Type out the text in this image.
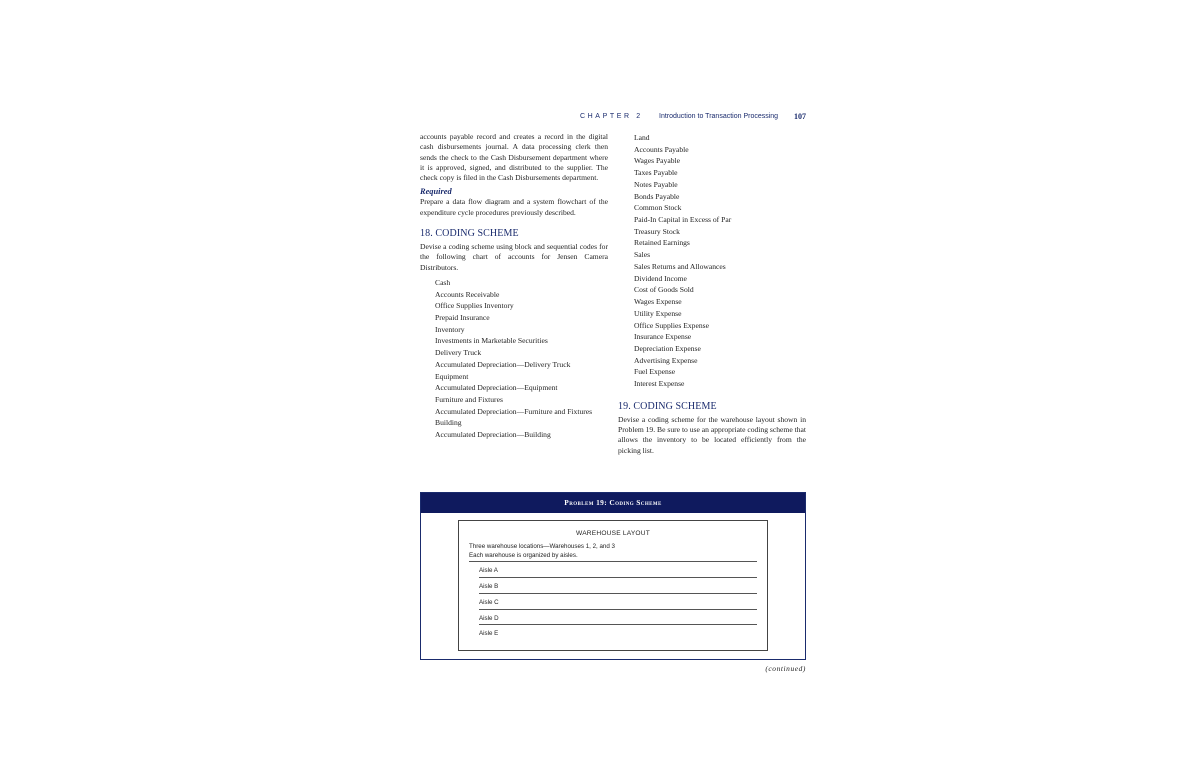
CHAPTER 2 Introduction to Transaction Processing 107

accounts payable record and creates a record in the digital cash disbursements journal. A data processing clerk then sends the check to the Cash Disbursement department where it is approved, signed, and distributed to the supplier. The check copy is filed in the Cash Disbursements department.

Required

Prepare a data flow diagram and a system flowchart of the expenditure cycle procedures previously described.

18. CODING SCHEME

Devise a coding scheme using block and sequential codes for the following chart of accounts for Jensen Camera Distributors.

Cash
Accounts Receivable
Office Supplies Inventory
Prepaid Insurance
Inventory
Investments in Marketable Securities
Delivery Truck
Accumulated Depreciation—Delivery Truck
Equipment
Accumulated Depreciation—Equipment
Furniture and Fixtures
Accumulated Depreciation—Furniture and Fixtures
Building
Accumulated Depreciation—Building
Land
Accounts Payable
Wages Payable
Taxes Payable
Notes Payable
Bonds Payable
Common Stock
Paid-In Capital in Excess of Par
Treasury Stock
Retained Earnings
Sales
Sales Returns and Allowances
Dividend Income
Cost of Goods Sold
Wages Expense
Utility Expense
Office Supplies Expense
Insurance Expense
Depreciation Expense
Advertising Expense
Fuel Expense
Interest Expense
19. CODING SCHEME

Devise a coding scheme for the warehouse layout shown in Problem 19. Be sure to use an appropriate coding scheme that allows the inventory to be located efficiently from the picking list.

Problem 19: Coding Scheme
WAREHOUSE LAYOUT
Three warehouse locations—Warehouses 1, 2, and 3
Each warehouse is organized by aisles.
Aisle A
Aisle B
Aisle C
Aisle D
Aisle E
(continued)
